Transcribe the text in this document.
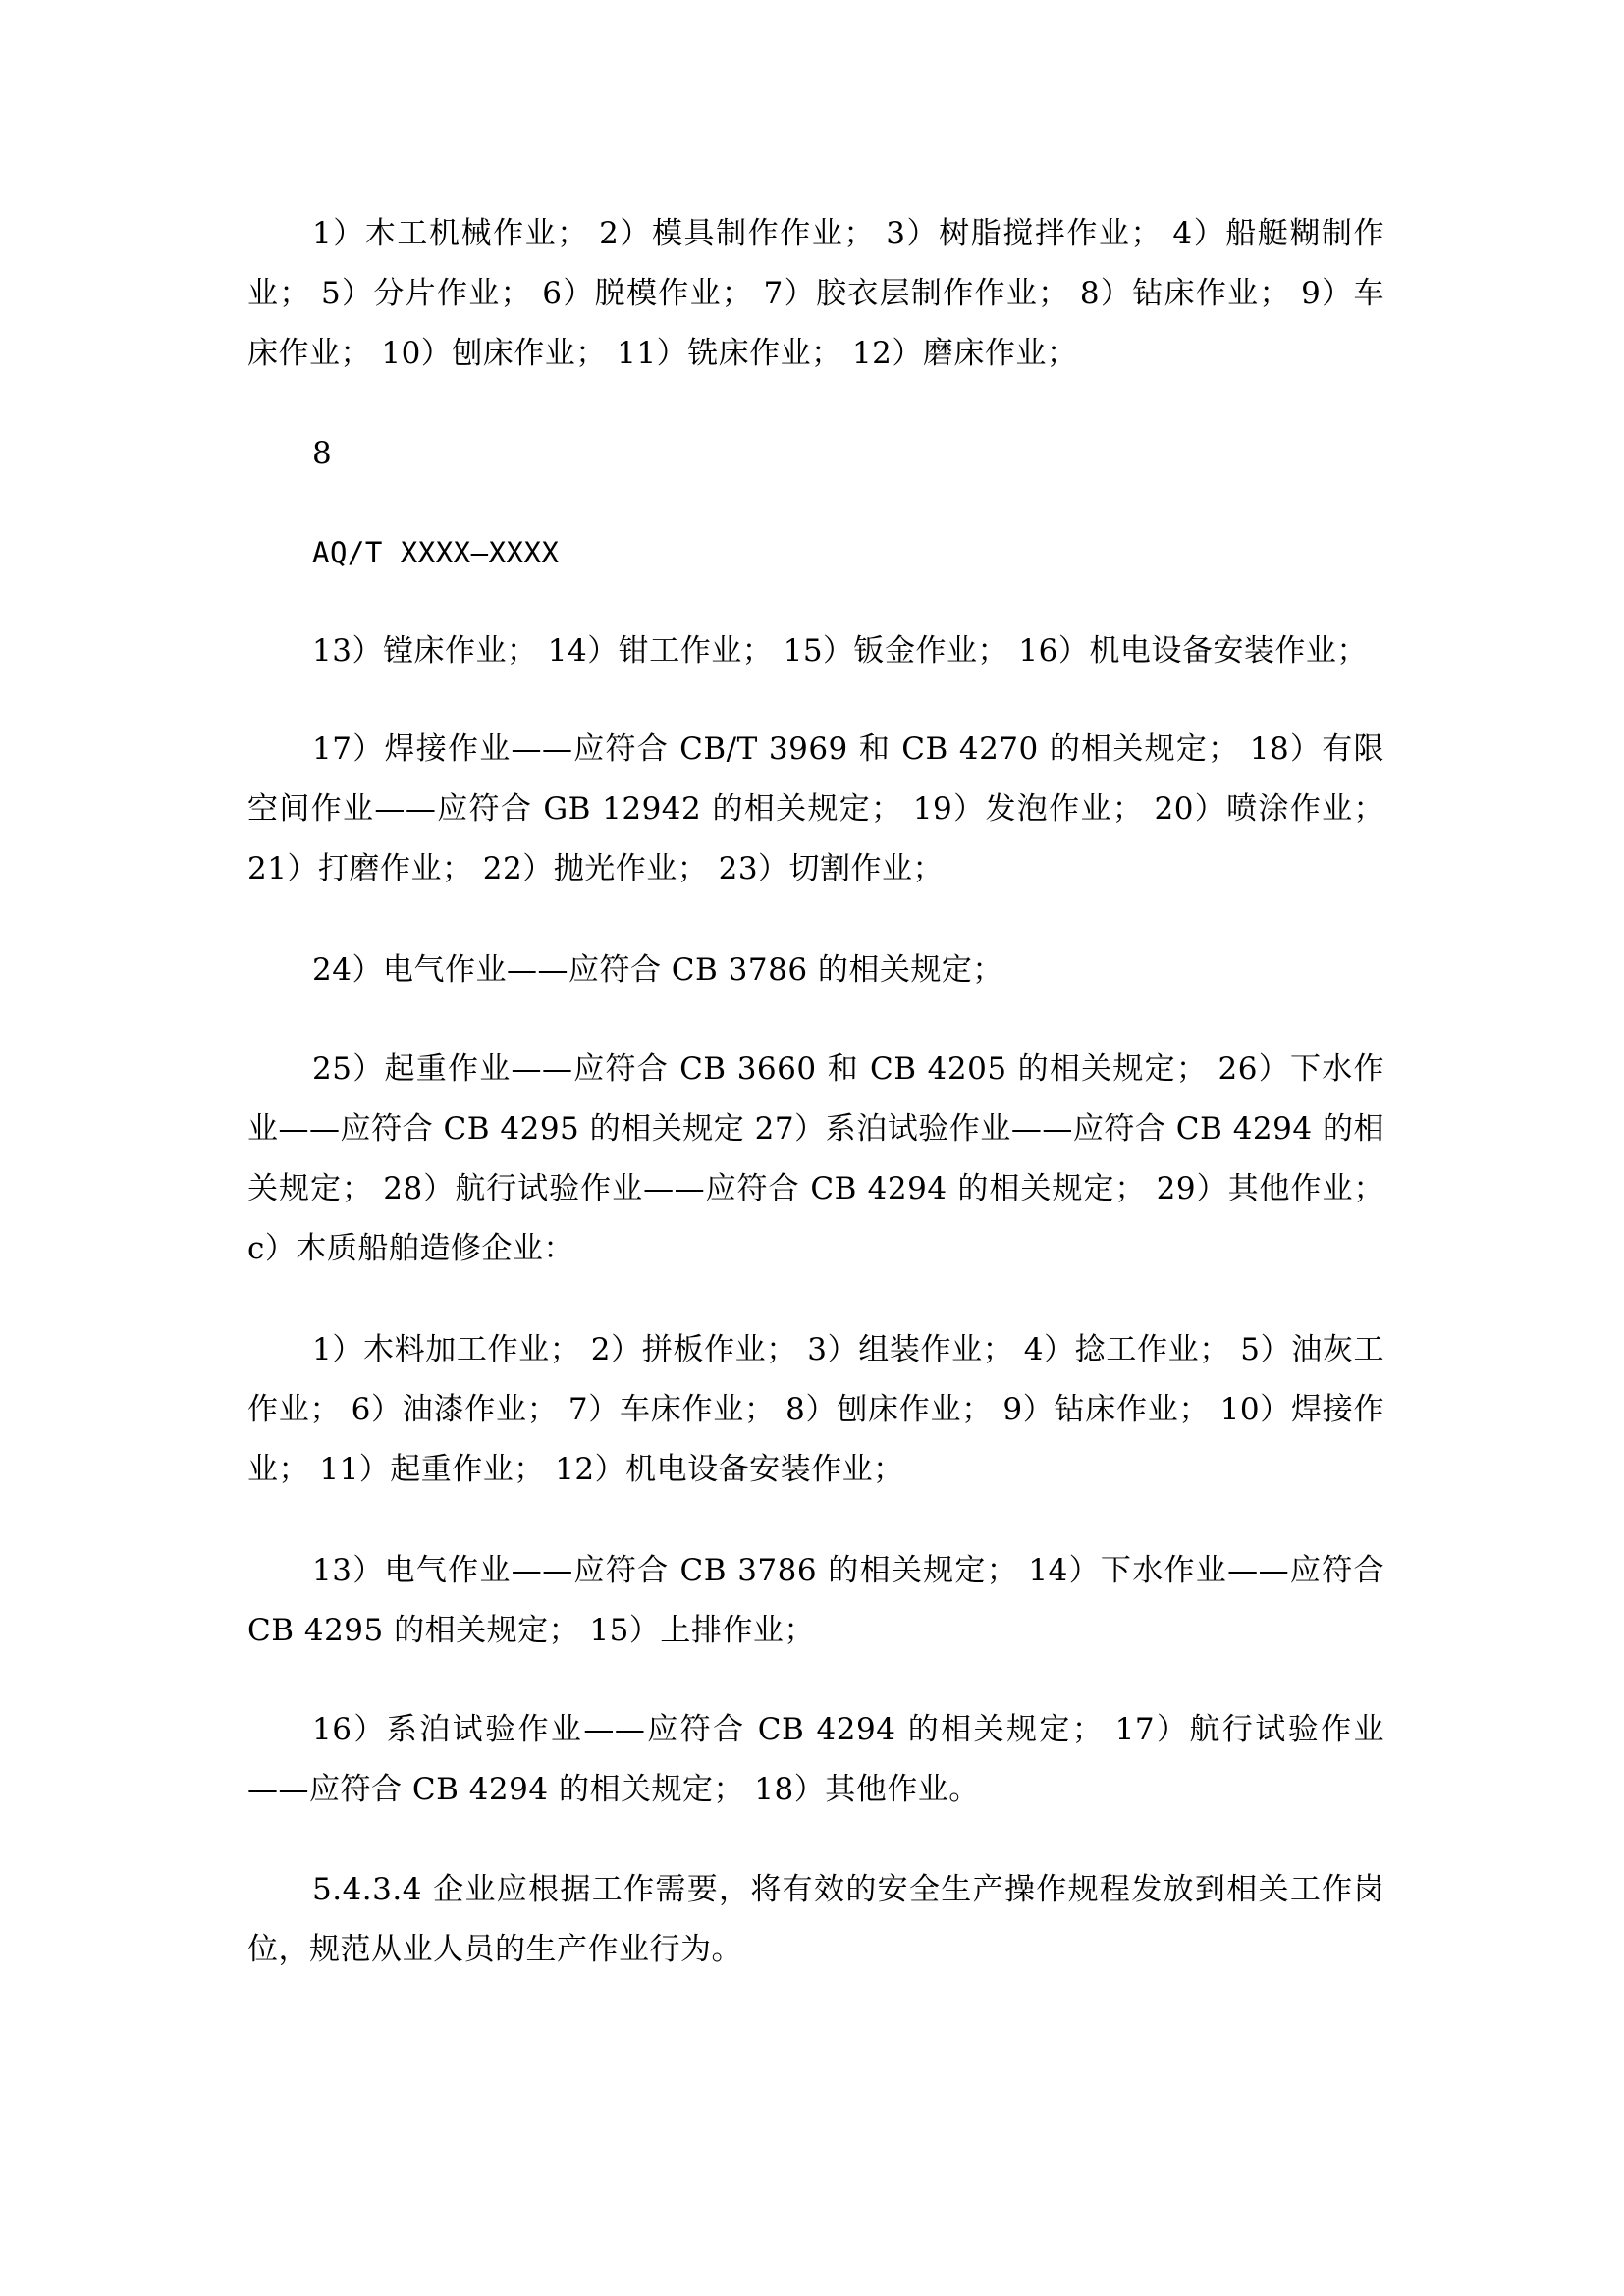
1）木工机械作业； 2）模具制作作业； 3）树脂搅拌作业； 4）船艇糊制作业； 5）分片作业； 6）脱模作业； 7）胶衣层制作作业； 8）钻床作业； 9）车床作业； 10）刨床作业； 11）铣床作业； 12）磨床作业；

8

AQ/T XXXX—XXXX

13）镗床作业； 14）钳工作业； 15）钣金作业； 16）机电设备安装作业；

17）焊接作业——应符合 CB/T 3969 和 CB 4270 的相关规定； 18）有限空间作业——应符合 GB 12942 的相关规定； 19）发泡作业； 20）喷涂作业； 21）打磨作业； 22）抛光作业； 23）切割作业；

24）电气作业——应符合 CB 3786 的相关规定；

25）起重作业——应符合 CB 3660 和 CB 4205 的相关规定； 26）下水作业——应符合 CB 4295 的相关规定 27）系泊试验作业——应符合 CB 4294 的相关规定； 28）航行试验作业——应符合 CB 4294 的相关规定； 29）其他作业； c）木质船舶造修企业：

1）木料加工作业； 2）拼板作业； 3）组装作业； 4）捻工作业； 5）油灰工作业； 6）油漆作业； 7）车床作业； 8）刨床作业； 9）钻床作业； 10）焊接作业； 11）起重作业； 12）机电设备安装作业；

13）电气作业——应符合 CB 3786 的相关规定； 14）下水作业——应符合 CB 4295 的相关规定； 15）上排作业；

16）系泊试验作业——应符合 CB 4294 的相关规定； 17）航行试验作业——应符合 CB 4294 的相关规定； 18）其他作业。

5.4.3.4 企业应根据工作需要，将有效的安全生产操作规程发放到相关工作岗位，规范从业人员的生产作业行为。
